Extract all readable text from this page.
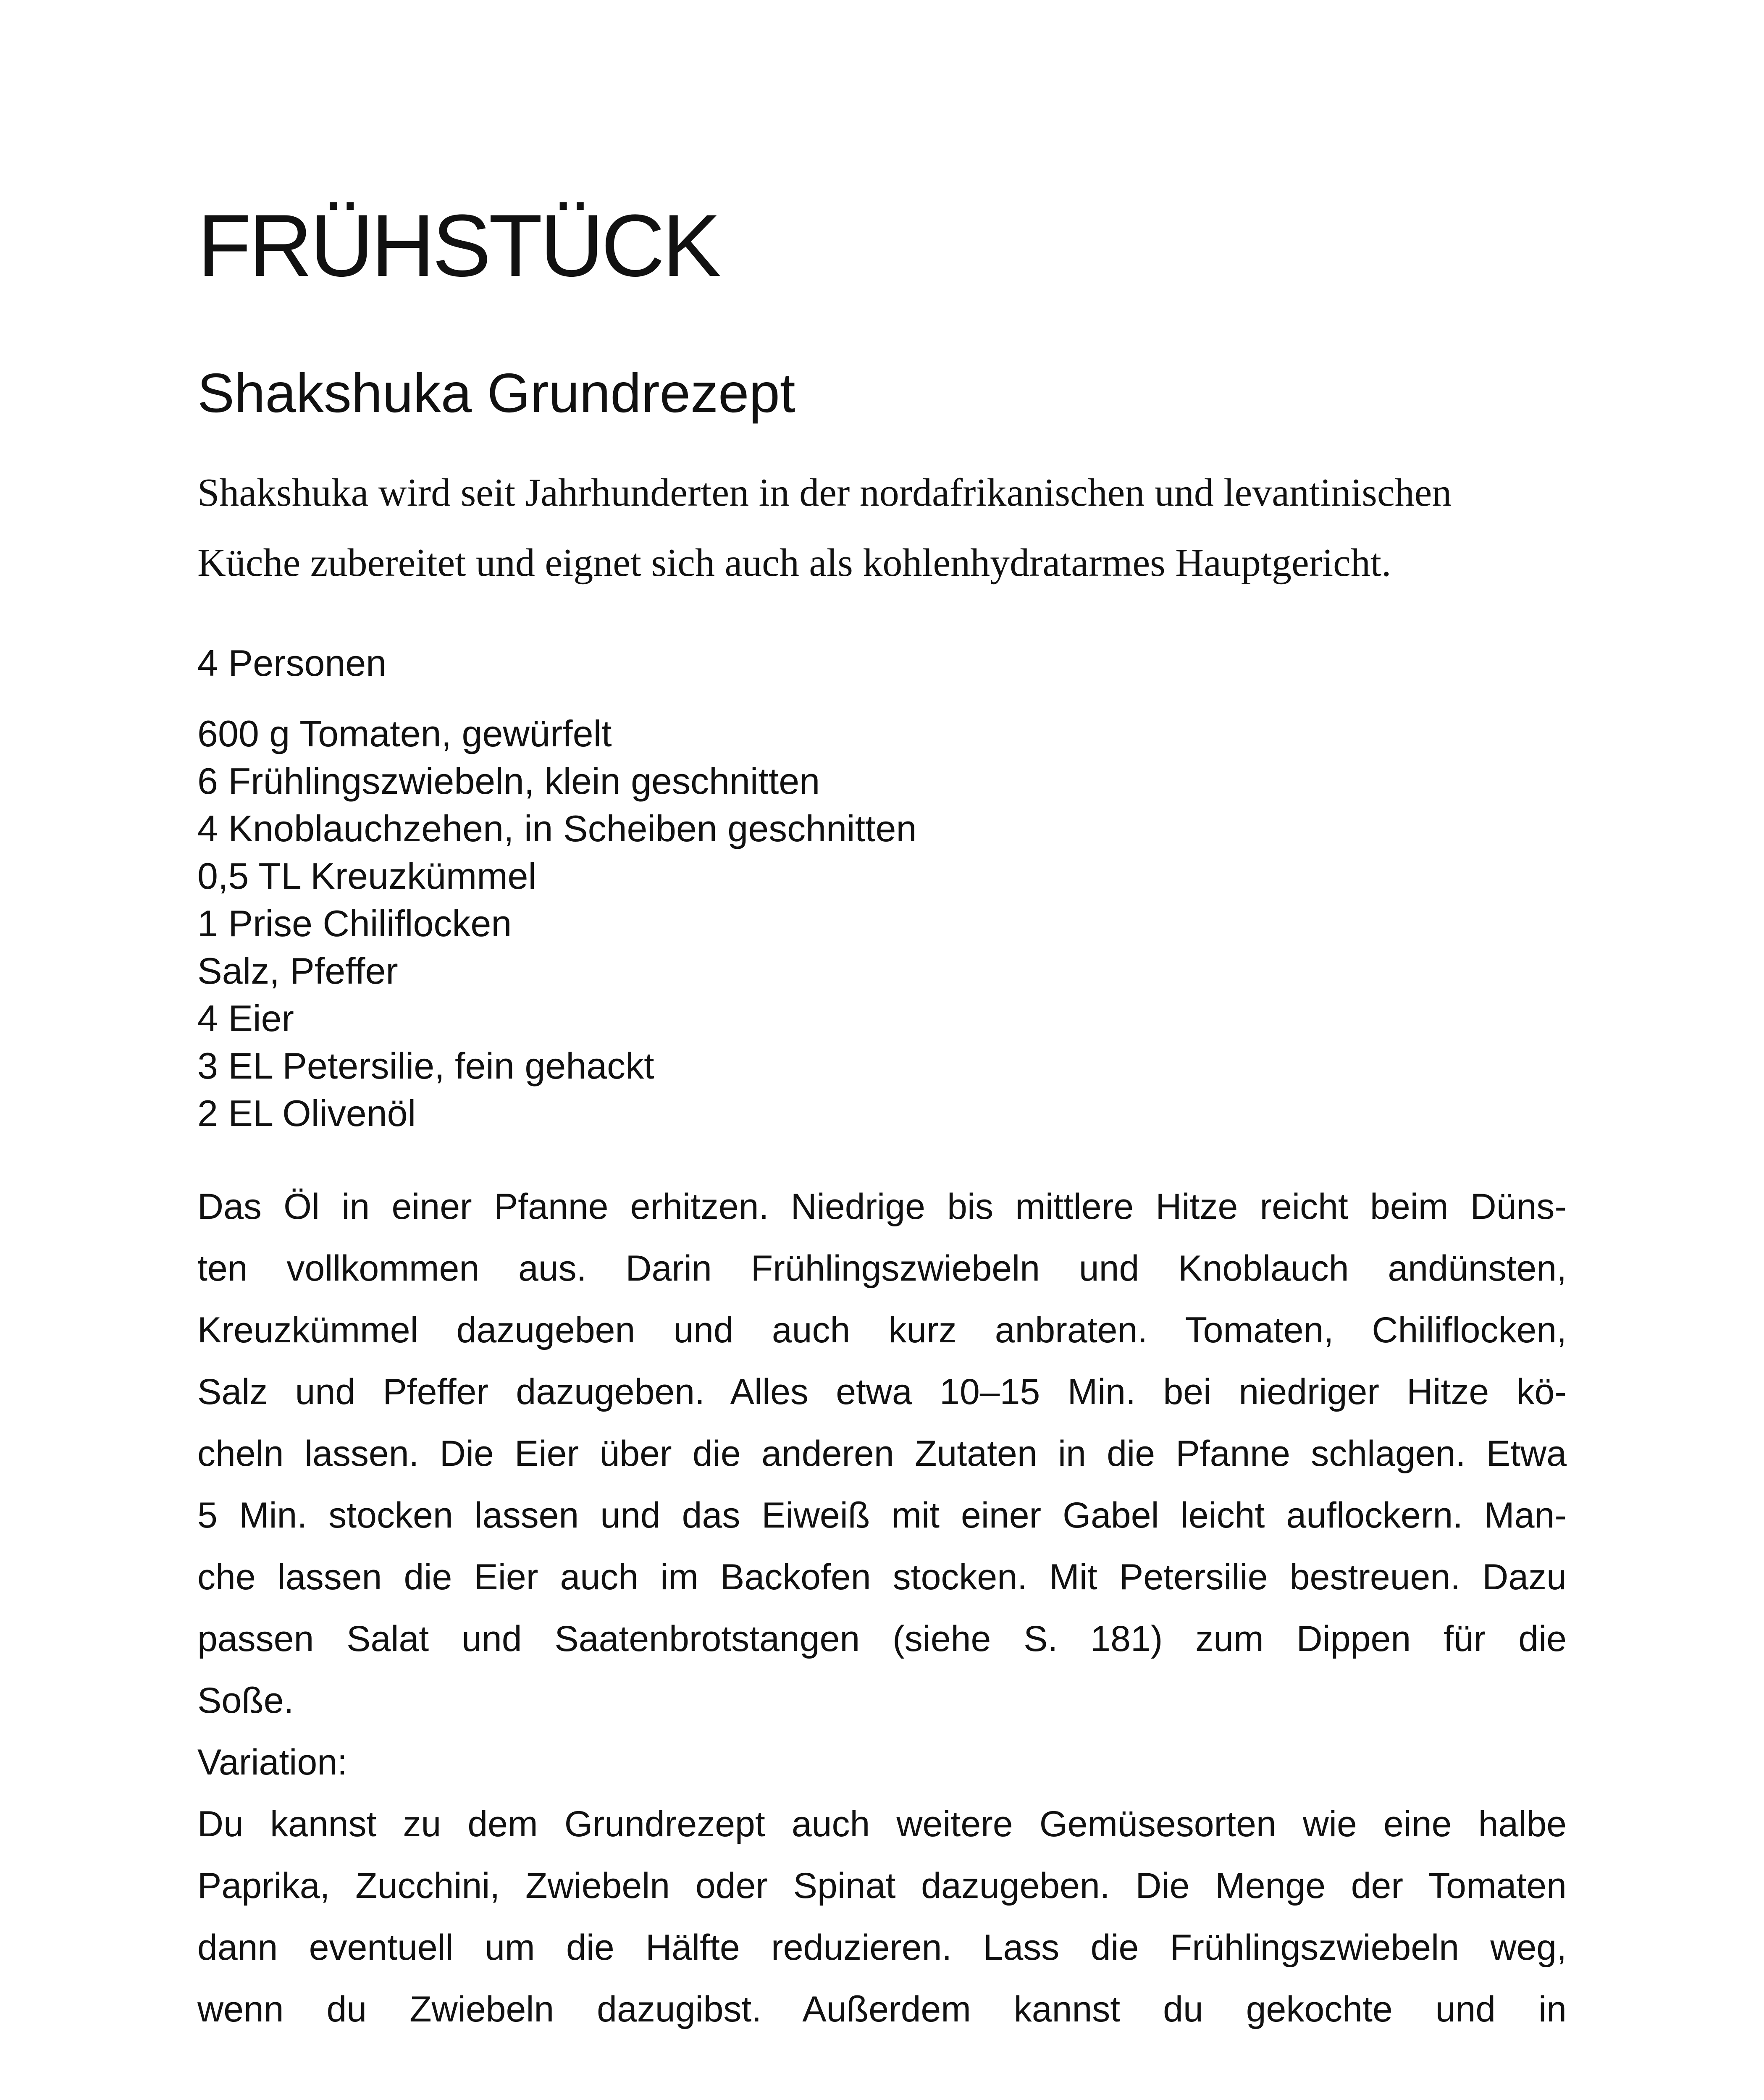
FRÜHSTÜCK
Shakshuka Grundrezept

Shakshuka wird seit Jahrhunderten in der nordafrikanischen und levantinischen
Küche zubereitet und eignet sich auch als kohlenhydratarmes Hauptgericht.

4 Personen

600 g Tomaten, gewürfelt
6 Frühlingszwiebeln, klein geschnitten
4 Knoblauchzehen, in Scheiben geschnitten
0,5 TL Kreuzkümmel
1 Prise Chiliflocken
Salz, Pfeffer
4 Eier
3 EL Petersilie, fein gehackt
2 EL Olivenöl
Das Öl in einer Pfanne erhitzen. Niedrige bis mittlere Hitze reicht beim Düns-
ten vollkommen aus. Darin Frühlingszwiebeln und Knoblauch andünsten,
Kreuzkümmel dazugeben und auch kurz anbraten. Tomaten, Chiliflocken,
Salz und Pfeffer dazugeben. Alles etwa 10–15 Min. bei niedriger Hitze kö-
cheln lassen. Die Eier über die anderen Zutaten in die Pfanne schlagen. Etwa
5 Min. stocken lassen und das Eiweiß mit einer Gabel leicht auflockern. Man-
che lassen die Eier auch im Backofen stocken. Mit Petersilie bestreuen. Dazu
passen Salat und Saatenbrotstangen (siehe S. 181) zum Dippen für die
Soße.
Variation:
Du kannst zu dem Grundrezept auch weitere Gemüsesorten wie eine halbe
Paprika, Zucchini, Zwiebeln oder Spinat dazugeben. Die Menge der Tomaten
dann eventuell um die Hälfte reduzieren. Lass die Frühlingszwiebeln weg,
wenn du Zwiebeln dazugibst. Außerdem kannst du gekochte und in
